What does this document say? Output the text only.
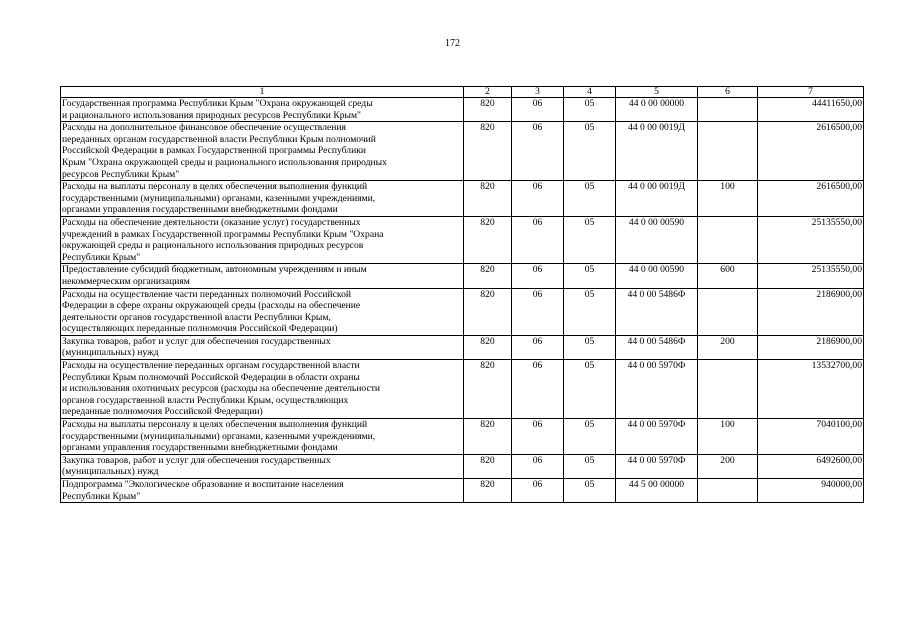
172
1	2	3	4	5	6	7

Государственная программа Республики Крым "Охрана окружающей среды
и рационального использования природных ресурсов Республики Крым"	820	06	05	44 0 00 00000		44411650,00

Расходы на дополнительное финансовое обеспечение осуществления
переданных органам государственной власти Республики Крым полномочий
Российской Федерации в рамках Государственной программы Республики
Крым "Охрана окружающей среды и рационального использования природных
ресурсов Республики Крым"	820	06	05	44 0 00 0019Д		2616500,00

Расходы на выплаты персоналу в целях обеспечения выполнения функций
государственными (муниципальными) органами, казенными учреждениями,
органами управления государственными внебюджетными фондами	820	06	05	44 0 00 0019Д	100	2616500,00

Расходы на обеспечение деятельности (оказание услуг) государственных
учреждений в рамках Государственной программы Республики Крым "Охрана
окружающей среды и рационального использования природных ресурсов
Республики Крым"	820	06	05	44 0 00 00590		25135550,00

Предоставление субсидий бюджетным, автономным учреждениям и иным
некоммерческим организациям	820	06	05	44 0 00 00590	600	25135550,00

Расходы на осуществление части переданных полномочий Российской
Федерации в сфере охраны окружающей среды (расходы на обеспечение
деятельности органов государственной власти Республики Крым,
осуществляющих переданные полномочия Российской Федерации)	820	06	05	44 0 00 5486Ф		2186900,00

Закупка товаров, работ и услуг для обеспечения государственных
(муниципальных) нужд	820	06	05	44 0 00 5486Ф	200	2186900,00

Расходы на осуществление переданных органам государственной власти
Республики Крым полномочий Российской Федерации в области охраны
и использования охотничьих ресурсов (расходы на обеспечение деятельности
органов государственной власти Республики Крым, осуществляющих
переданные полномочия Российской Федерации)	820	06	05	44 0 00 5970Ф		13532700,00

Расходы на выплаты персоналу в целях обеспечения выполнения функций
государственными (муниципальными) органами, казенными учреждениями,
органами управления государственными внебюджетными фондами	820	06	05	44 0 00 5970Ф	100	7040100,00

Закупка товаров, работ и услуг для обеспечения государственных
(муниципальных) нужд	820	06	05	44 0 00 5970Ф	200	6492600,00

Подпрограмма "Экологическое образование и воспитание населения
Республики Крым"	820	06	05	44 5 00 00000		940000,00
